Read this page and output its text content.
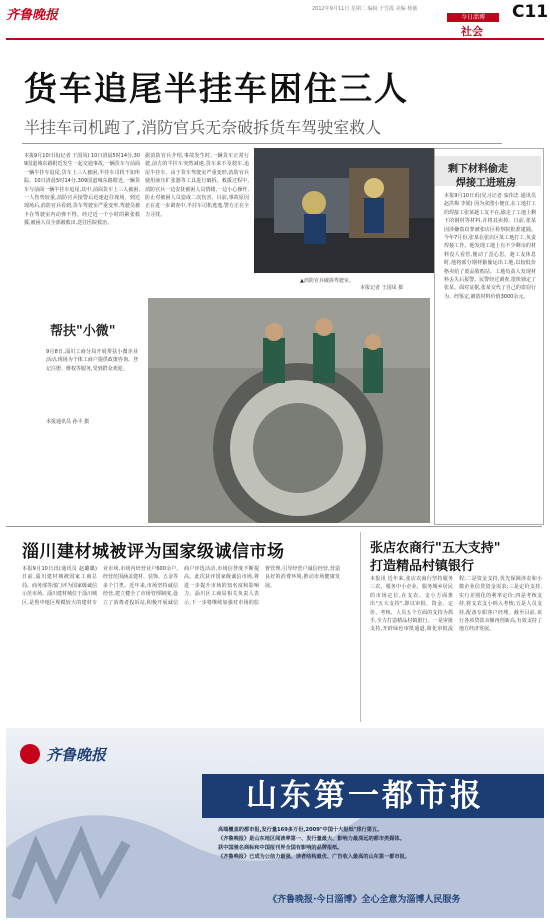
齐鲁晚报	2012年9月11日 星期二 编辑 于雪霞 美编 杨薇	C11
今日淄博
社会
货车追尾半挂车困住三人
半挂车司机跑了,消防官兵无奈破拆货车驾驶室救人
本报9月10日讯(记者 王国凤) 10日清晨5时14分,309国道城东路附近发生一起交通事故,一辆货车与前面一辆半挂车追尾,货车上三人被困,半挂车司机不知所踪。10日清晨5时14分,309国道城东路附近,一辆货车与前面一辆半挂车追尾,其中,前面货车上三人被困,一人伤势较重,消防官兵接警后迅速赶往现场。到达现场后,消防官兵看到,货车驾驶室严重变形,驾驶员被卡在驾驶室内动弹不得。经过近一个小时的紧张救援,被困人员全部被救出,送往医院救治。
据消防官兵介绍,事故发生时,一辆货车正常行驶,前方的半挂车突然减速,货车来不及刹车,追尾半挂车。由于货车驾驶室严重变形,消防官兵使用液压扩张器等工具进行破拆。救援过程中,消防官兵一边安抚被困人员情绪,一边小心操作,防止对被困人员造成二次伤害。目前,事故原因正在进一步调查中,半挂车司机逃逸,警方正在全力寻找。
▲消防官兵破拆驾驶室。
本报记者 王国凤 摄
帮扶"小微"
9月8日,淄川工商分局开展帮扶小微企业活动,现场为个体工商户提供政策咨询、登记注册、维权等服务,受到群众欢迎。
本报通讯员 孙丰 摄
剩下材料偷走
焊接工进班房
本报9月10日讯(见习记者 栾伟忠 通讯员 赵洪梅 李娟) 因为贪图小便宜,在工地打工的焊接工张某趁工友不在,偷走了工地上剩下的钢材等材料,并将其卖掉。日前,张某因涉嫌盗窃罪被张店区检察院批准逮捕。今年7月份,张某在张店区某工地打工,负责焊接工作。他发现工地上有不少剩余的材料没人看管,便动了歪心思。趁工友休息时,他将部分钢材偷偷运出工地,以较低价格卖给了废品收购站。工地负责人发现材料丢失后报警。民警经过调查,很快锁定了张某。面对证据,张某交代了自己的盗窃行为。经鉴定,被盗材料价值3000余元。
淄川建材城被评为国家级诚信市场
本报9月10日讯(通讯员 赵璐璐) 日前,淄川建材城被国家工商总局、商务部等部门评为国家级诚信示范市场。淄川建材城位于淄川城区,是鲁中地区规模较大的建材专业市场,市场内经营业户600余户,经营范围涵盖建材、装饰、五金等多个门类。近年来,市场坚持诚信经营,建立健全了市场管理制度,设立了消费者投诉站,积极开展诚信商户评选活动,市场信誉度不断提高。此次获评国家级诚信市场,将进一步提升市场的知名度和影响力。淄川区工商局相关负责人表示,下一步将继续加强对市场的监督管理,引导经营户诚信经营,营造良好的消费环境,推动市场健康发展。
张店农商行"五大支持"
打造精品村镇银行
本报讯 近年来,张店农商行坚持服务三农、服务中小企业、服务城乡居民的市场定位,在支农、支小方面推出"五大支持",即以审批、资金、定价、考核、人员五个方面的支持为抓手,全力打造精品村镇银行。一是审批支持,开辟绿色审批通道,简化审批流程;二是资金支持,优先保障涉农和小微企业信贷资金需求;三是定价支持,实行差别化的利率定价;四是考核支持,将支农支小纳入考核;五是人员支持,配备专职客户经理。截至目前,该行各项贷款余额再创新高,有效支持了地方经济发展。
齐鲁晚报
山东第一都市报
高端覆盖的都市报,发行量169多万份,2009"中国十大报纸"排行第五。
《齐鲁晚报》是山东地区阅读率第一、发行量最大、影响力最深远的都市类媒体。
获中国驰名商标和中国报刊界全国有影响的品牌报纸。
《齐鲁晚报》已成为公信力最强、读者结构最优、广告收入最高的山东第一都市报。
《齐鲁晚报·今日淄博》全心全意为淄博人民服务
